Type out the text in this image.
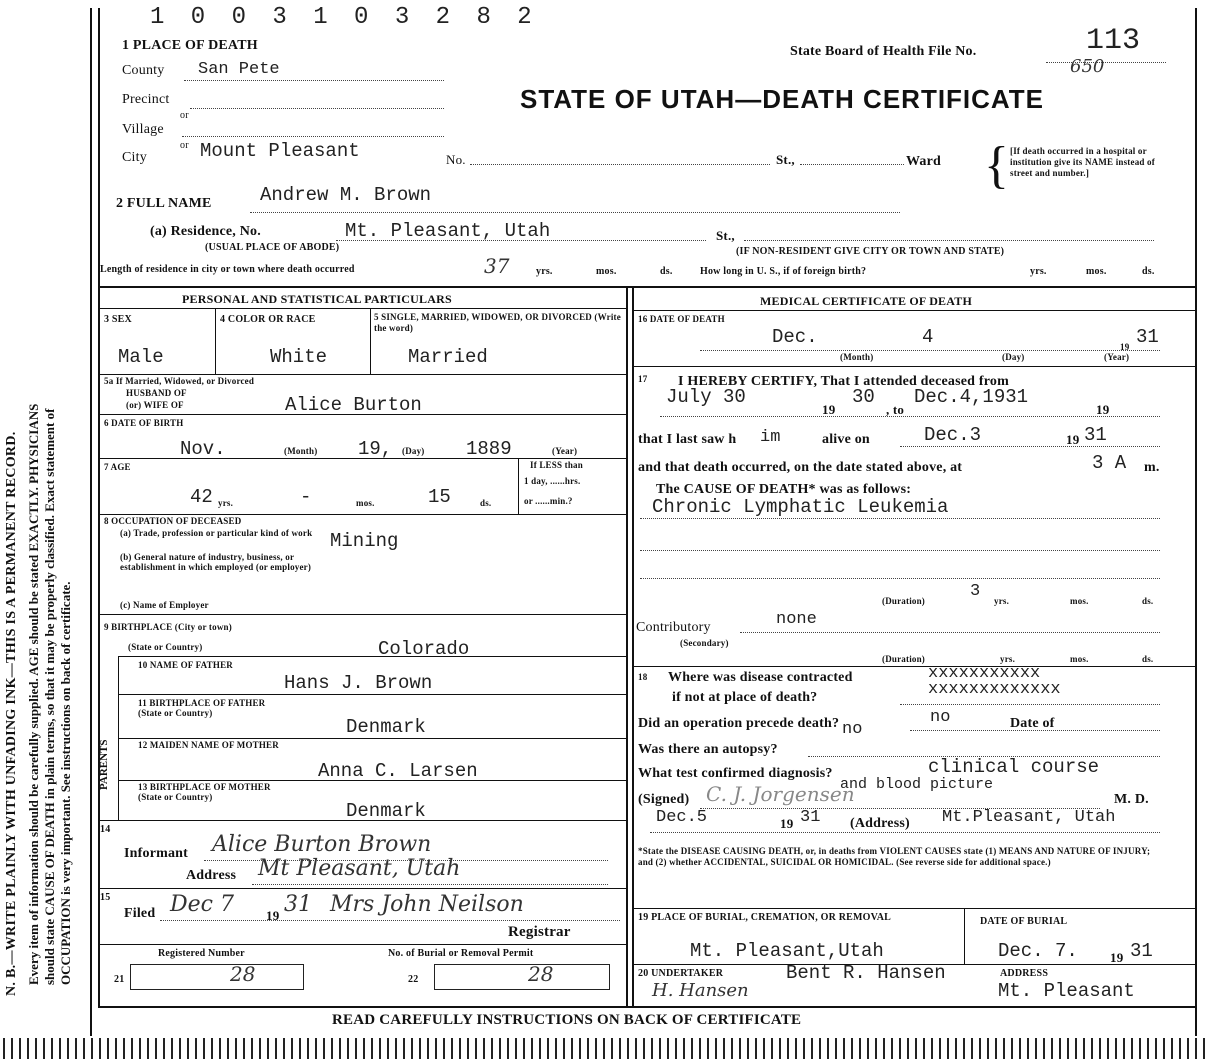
N. B.—WRITE PLAINLY WITH UNFADING INK—THIS IS A PERMANENT RECORD. Every item of information should be carefully supplied. AGE should be stated EXACTLY. PHYSICIANS should state CAUSE OF DEATH in plain terms, so that it may be properly classified. Exact statement of OCCUPATION is very important. See instructions on back of certificate.
1 0 0 3 1 0 3 2 8 2
State Board of Health File No.	113
650
STATE OF UTAH—DEATH CERTIFICATE
1 PLACE OF DEATH
County San Pete
Precinct
or
Village
or
City	Mount Pleasant	No.	St.,	Ward { [If death occurred in a hospital or institution give its NAME instead of street and number.]
2 FULL NAME	Andrew M. Brown
(a) Residence, No.	Mt. Pleasant, Utah	St.,
(USUAL PLACE OF ABODE)	(IF NON-RESIDENT GIVE CITY OR TOWN AND STATE)
Length of residence in city or town where death occurred	37	yrs.	mos.	ds.	How long in U. S., if of foreign birth?	yrs.	mos.	ds.
PERSONAL AND STATISTICAL PARTICULARS
3 SEX
Male
4 COLOR OR RACE
White
5 SINGLE, MARRIED, WIDOWED, OR DIVORCED (Write the word)
Married
5a If Married, Widowed, or Divorced
HUSBAND OF
(or) WIFE OF	Alice Burton
6 DATE OF BIRTH
Nov.	(Month) 19, (Day) 1889	(Year)
7 AGE
42 yrs.	-	mos.	15	ds.
If LESS than
1 day, ......hrs.
or ......min.?
8 OCCUPATION OF DECEASED
(a) Trade, profession or particular kind of work Mining
(b) General nature of industry, business, or establishment in which employed (or employer)
(c) Name of Employer
9 BIRTHPLACE (City or town)
(State or Country)	Colorado
PARENTS
10 NAME OF FATHER
Hans J. Brown
11 BIRTHPLACE OF FATHER (State or Country)
Denmark
12 MAIDEN NAME OF MOTHER
Anna C. Larsen
13 BIRTHPLACE OF MOTHER (State or Country)
Denmark
14
Informant Alice Burton Brown
Address Mt Pleasant, Utah
15
Filed Dec 7 19 31 Mrs John Neilson
Registrar
Registered Number	No. of Burial or Removal Permit
21	28	22	28
MEDICAL CERTIFICATE OF DEATH
16 DATE OF DEATH
Dec.	4	19 31
(Month)	(Day)	(Year)
17 I HEREBY CERTIFY, That I attended deceased from
July 30
19
30
, to
Dec.4,1931
19
that I last saw h im	alive on	Dec.3	19 31
and that death occurred, on the date stated above, at	3 A m.
The CAUSE OF DEATH* was as follows:
Chronic Lymphatic Leukemia
(Duration)	3 yrs.	mos.	ds.
Contributory	none
(Secondary)
(Duration)	yrs.	mos.	ds.
18 Where was disease contracted	xxxxxxxxxxx
if not at place of death?	xxxxxxxxxxxxx
Did an operation precede death?	no	Date of
Was there an autopsy?
no
What test confirmed diagnosis?	clinical course
and blood picture
(Signed) C. J. Jorgensen	M. D.
Dec.5	19 31 (Address) Mt.Pleasant, Utah
*State the DISEASE CAUSING DEATH, or, in deaths from VIOLENT CAUSES state (1) MEANS AND NATURE OF INJURY; and (2) whether ACCIDENTAL, SUICIDAL OR HOMICIDAL. (See reverse side for additional space.)
19 PLACE OF BURIAL, CREMATION, OR REMOVAL
Mt. Pleasant,Utah
DATE OF BURIAL
Dec. 7. 19 31
20 UNDERTAKER	Bent R. Hansen	ADDRESS
Mt. Pleasant
H. Hansen
READ CAREFULLY INSTRUCTIONS ON BACK OF CERTIFICATE
